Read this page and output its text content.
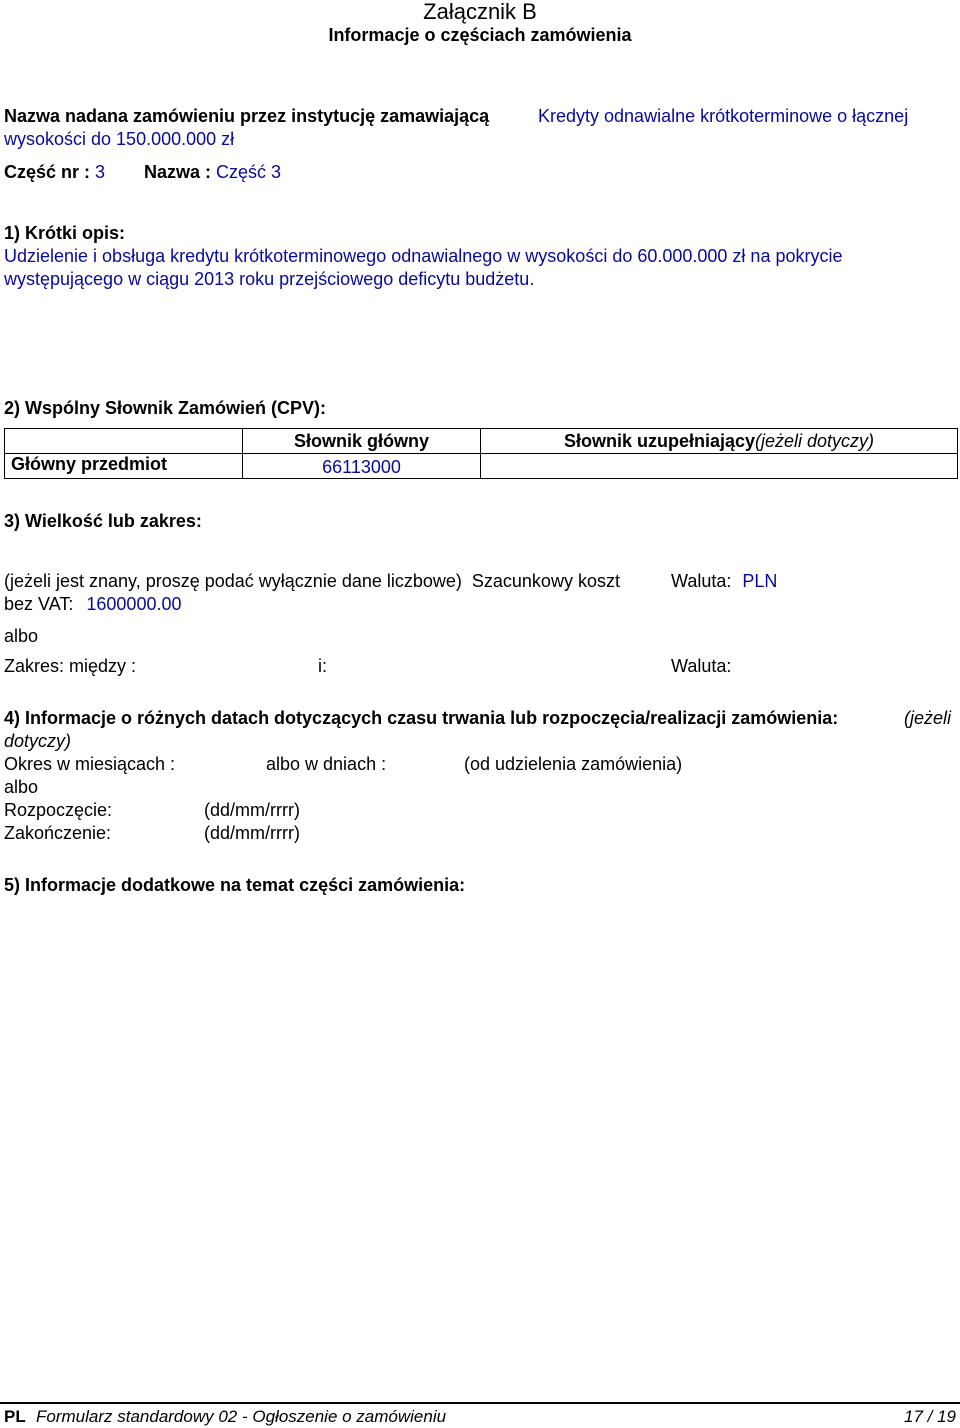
Załącznik B
Informacje o częściach zamówienia
Nazwa nadana zamówieniu przez instytucję zamawiającą	Kredyty odnawialne krótkoterminowe o łącznej
wysokości do 150.000.000 zł
Część nr : 3 Nazwa : Część 3
1) Krótki opis:
Udzielenie i obsługa kredytu krótkoterminowego odnawialnego w wysokości do 60.000.000 zł na pokrycie
występującego w ciągu 2013 roku przejściowego deficytu budżetu.
2) Wspólny Słownik Zamówień (CPV):
	Słownik główny	Słownik uzupełniający(jeżeli dotyczy)
Główny przedmiot	66113000	
3) Wielkość lub zakres:
(jeżeli jest znany, proszę podać wyłącznie dane liczbowe)  Szacunkowy koszt	Waluta: PLN
bez VAT: 1600000.00
albo
Zakres: między :	i:	Waluta:
4) Informacje o różnych datach dotyczących czasu trwania lub rozpoczęcia/realizacji zamówienia:	(jeżeli
dotyczy)
Okres w miesiącach :	albo w dniach :	(od udzielenia zamówienia)
albo
Rozpoczęcie:	(dd/mm/rrrr)
Zakończenie:	(dd/mm/rrrr)
5) Informacje dodatkowe na temat części zamówienia:
PL Formularz standardowy 02 - Ogłoszenie o zamówieniu	17 / 19
